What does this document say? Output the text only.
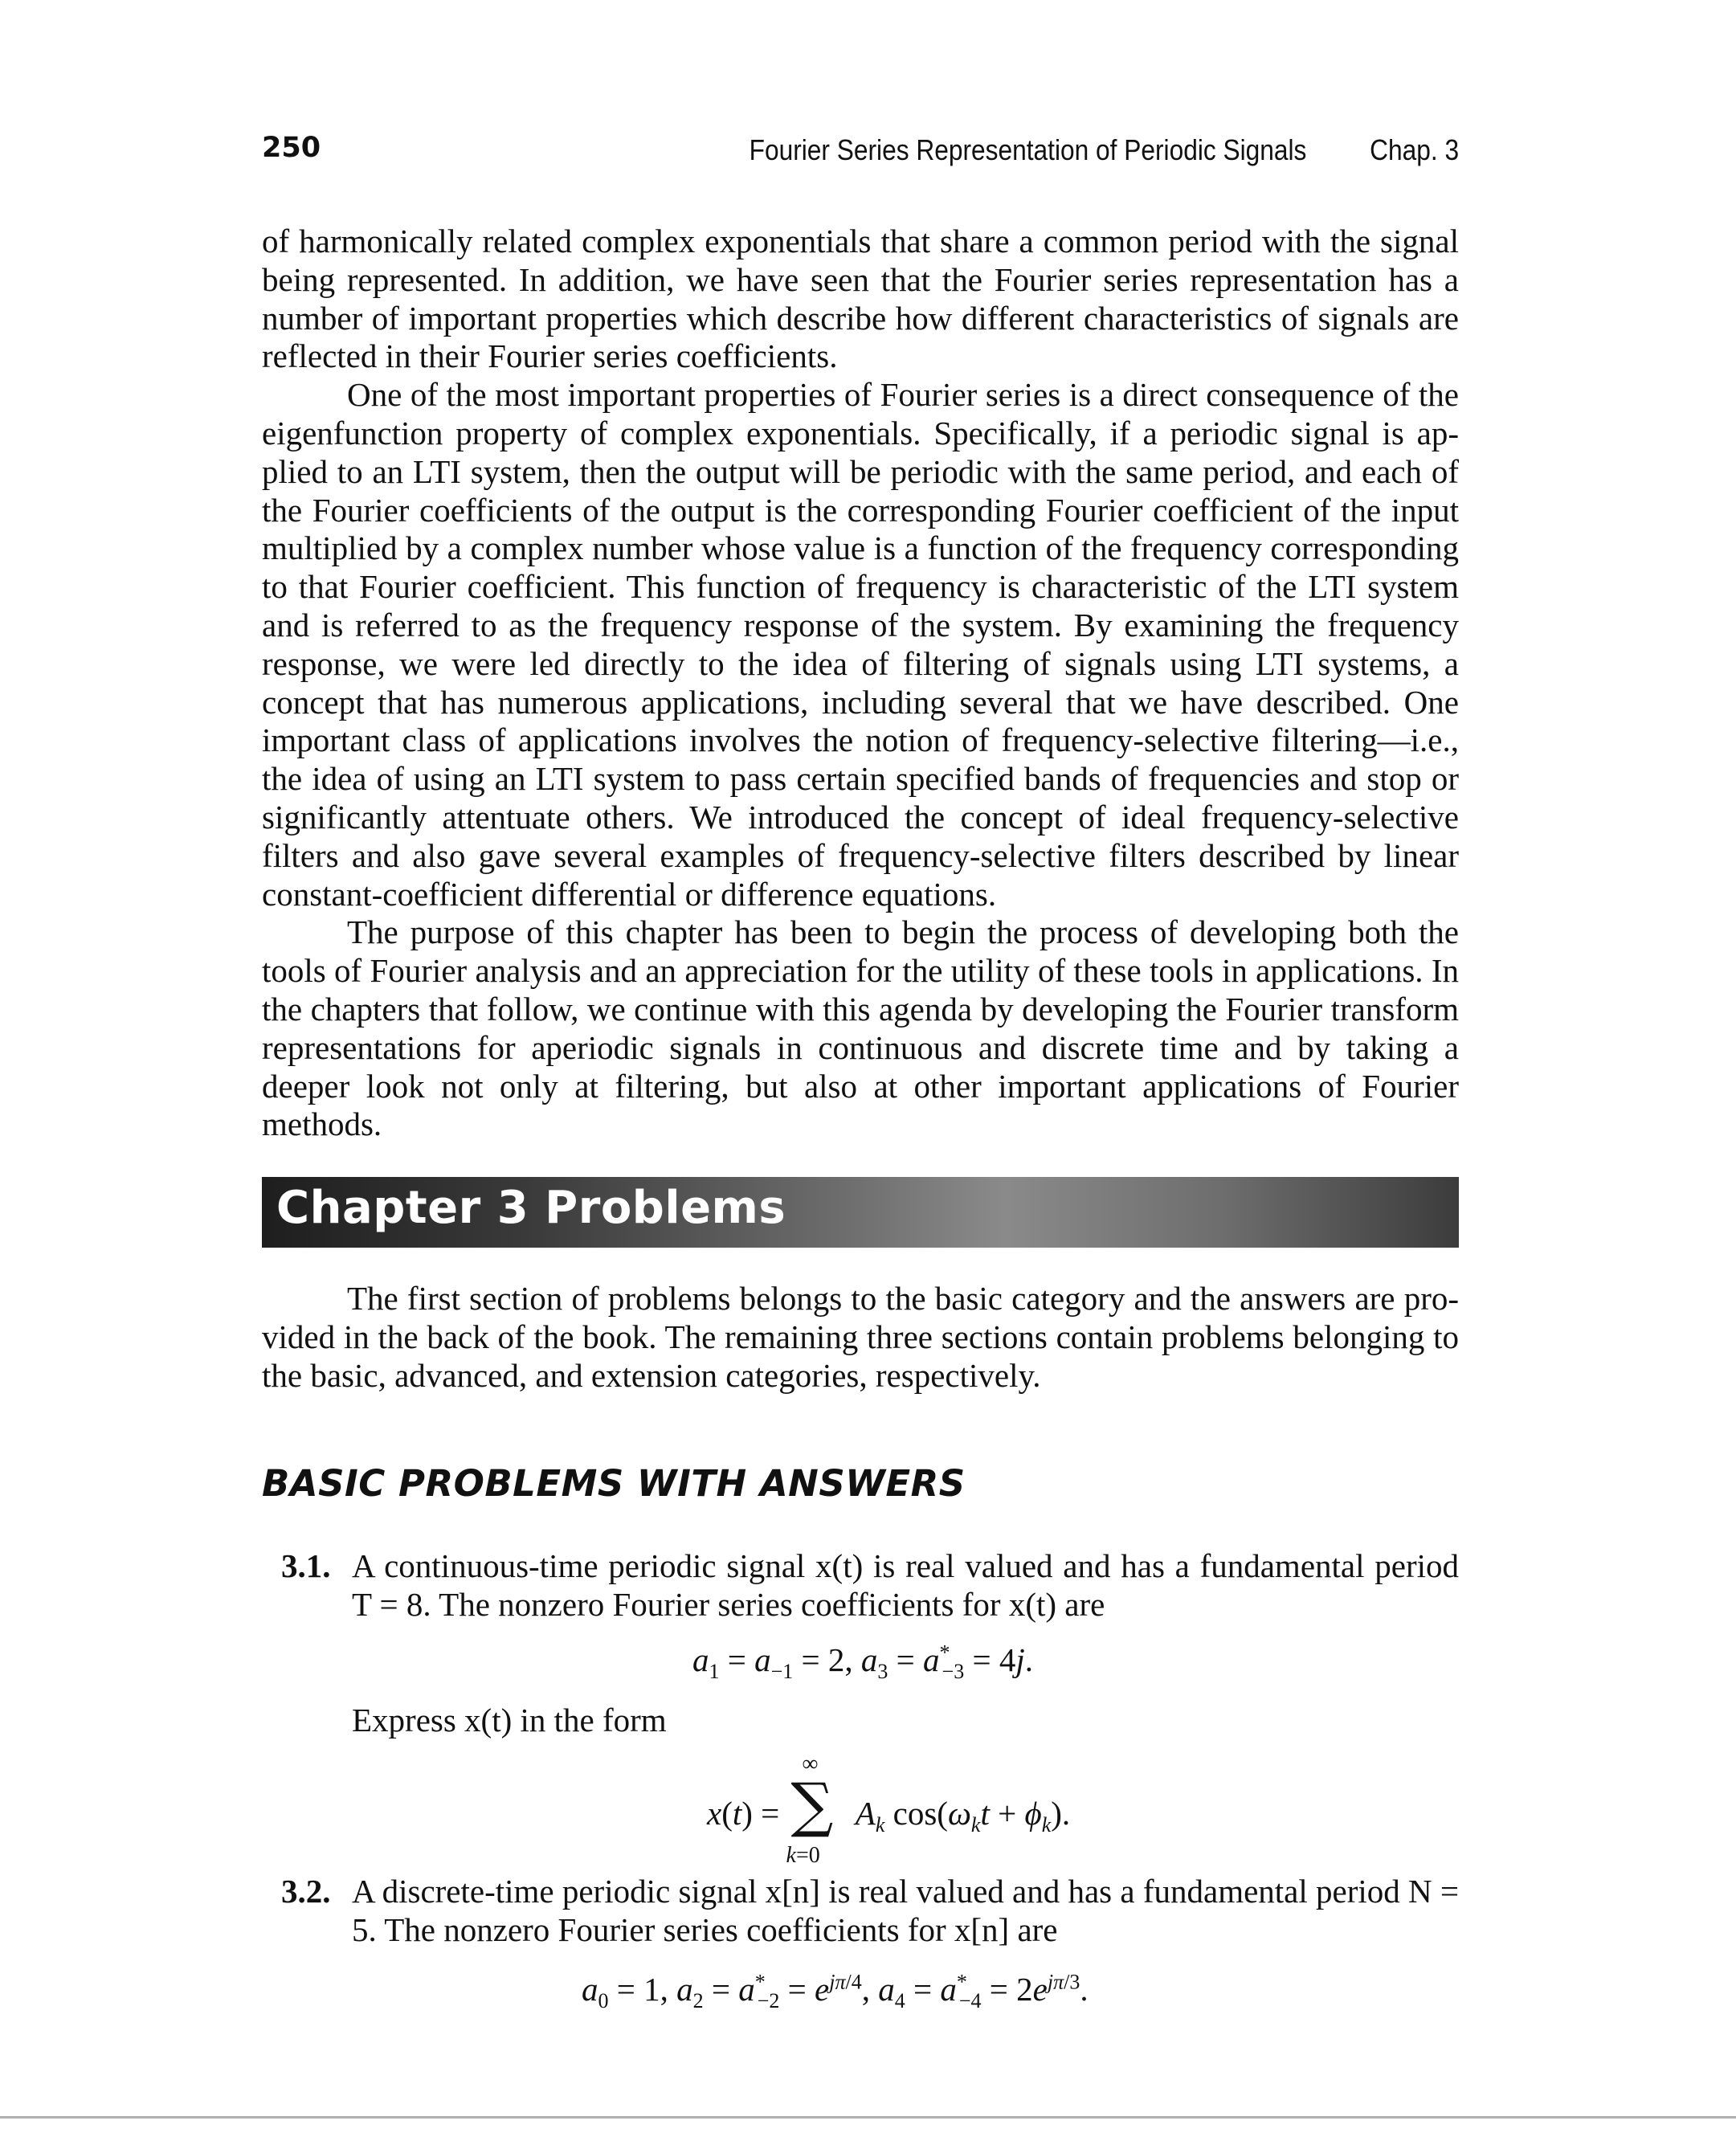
250	Fourier Series Representation of Periodic Signals Chap. 3

of harmonically related complex exponentials that share a common period with the signal being represented. In addition, we have seen that the Fourier series representation has a number of important properties which describe how different characteristics of signals are reflected in their Fourier series coefficients.

One of the most important properties of Fourier series is a direct consequence of the eigenfunction property of complex exponentials. Specifically, if a periodic signal is applied to an LTI system, then the output will be periodic with the same period, and each of the Fourier coefficients of the output is the corresponding Fourier coefficient of the input multiplied by a complex number whose value is a function of the frequency corresponding to that Fourier coefficient. This function of frequency is characteristic of the LTI system and is referred to as the frequency response of the system. By examining the frequency response, we were led directly to the idea of filtering of signals using LTI systems, a concept that has numerous applications, including several that we have described. One important class of applications involves the notion of frequency-selective filtering—i.e., the idea of using an LTI system to pass certain specified bands of frequencies and stop or significantly attentuate others. We introduced the concept of ideal frequency-selective filters and also gave several examples of frequency-selective filters described by linear constant-coefficient differential or difference equations.

The purpose of this chapter has been to begin the process of developing both the tools of Fourier analysis and an appreciation for the utility of these tools in applications. In the chapters that follow, we continue with this agenda by developing the Fourier transform representations for aperiodic signals in continuous and discrete time and by taking a deeper look not only at filtering, but also at other important applications of Fourier methods.

Chapter 3 Problems

The first section of problems belongs to the basic category and the answers are provided in the back of the book. The remaining three sections contain problems belonging to the basic, advanced, and extension categories, respectively.

BASIC PROBLEMS WITH ANSWERS
3.1. A continuous-time periodic signal x(t) is real valued and has a fundamental period T = 8. The nonzero Fourier series coefficients for x(t) are
$a_1 = a_{-1} = 2$, $a_3 = a^*_{-3} = 4j$.
Express x(t) in the form
x(t) =
∞
∑
k=0
$A_k$ $\cos(\omega_kt + \phi_k)$.
3.2. A discrete-time periodic signal x[n] is real valued and has a fundamental period N = 5. The nonzero Fourier series coefficients for x[n] are
$a_0 = 1$, $a_2 = a^*_{-2} = e^{j\pi/4}$, $a_4 = a^*_{-4} = 2e^{j\pi/3}$.
